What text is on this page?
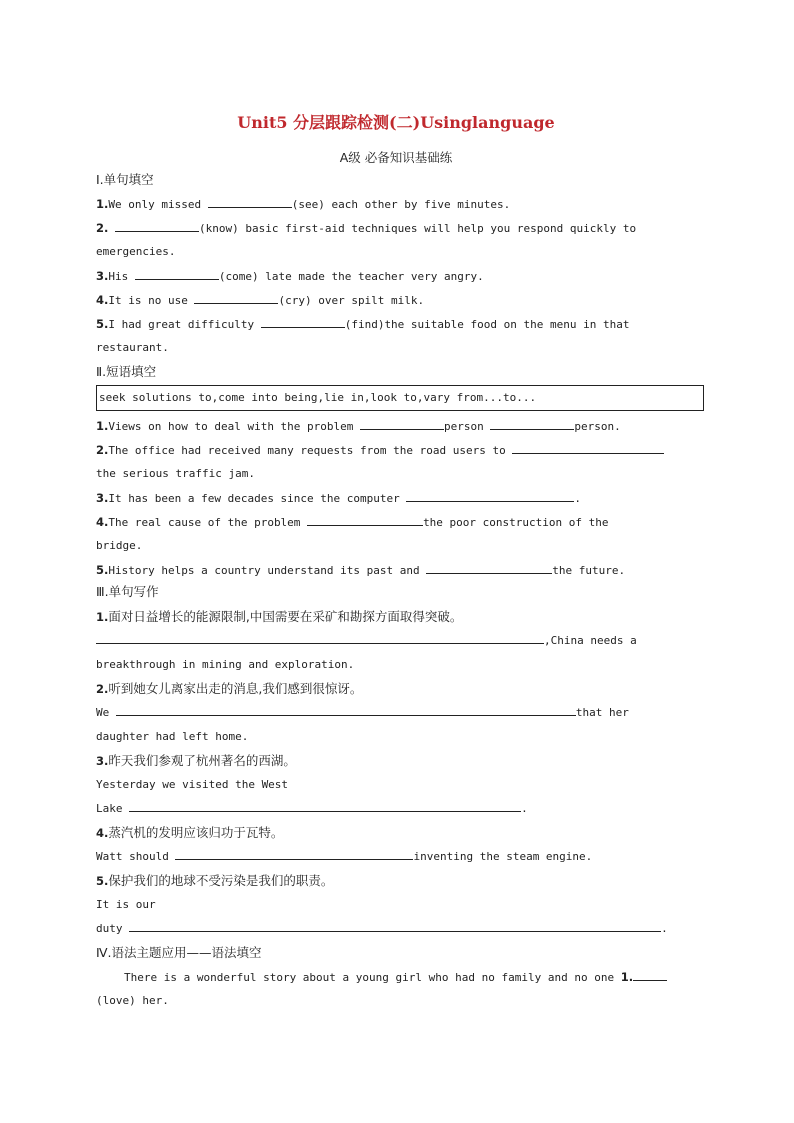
Unit5 分层跟踪检测(二)Usinglanguage
A级 必备知识基础练
Ⅰ.单句填空
1.We only missed	(see) each other by five minutes.
2.	(know) basic first-aid techniques will help you respond quickly to
emergencies.
3.His	(come) late made the teacher very angry.
4.It is no use	(cry) over spilt milk.
5.I had great difficulty	(find)the suitable food on the menu in that
restaurant.
Ⅱ.短语填空
seek solutions to,come into being,lie in,look to,vary from...to...
1.Views on how to deal with the problem	person	person.
2.The office had received many requests from the road users to
the serious traffic jam.
3.It has been a few decades since the computer	.
4.The real cause of the problem	the poor construction of the
bridge.
5.History helps a country understand its past and	the future.
Ⅲ.单句写作
1.面对日益增长的能源限制,中国需要在采矿和勘探方面取得突破。
,China needs a
breakthrough in mining and exploration.
2.听到她女儿离家出走的消息,我们感到很惊讶。
We	that her
daughter had left home.
3.昨天我们参观了杭州著名的西湖。
Yesterday we visited the West
Lake	.
4.蒸汽机的发明应该归功于瓦特。
Watt should	inventing the steam engine.
5.保护我们的地球不受污染是我们的职责。
It is our
duty	.
Ⅳ.语法主题应用——语法填空
There is a wonderful story about a young girl who had no family and no one 1.
(love) her.
